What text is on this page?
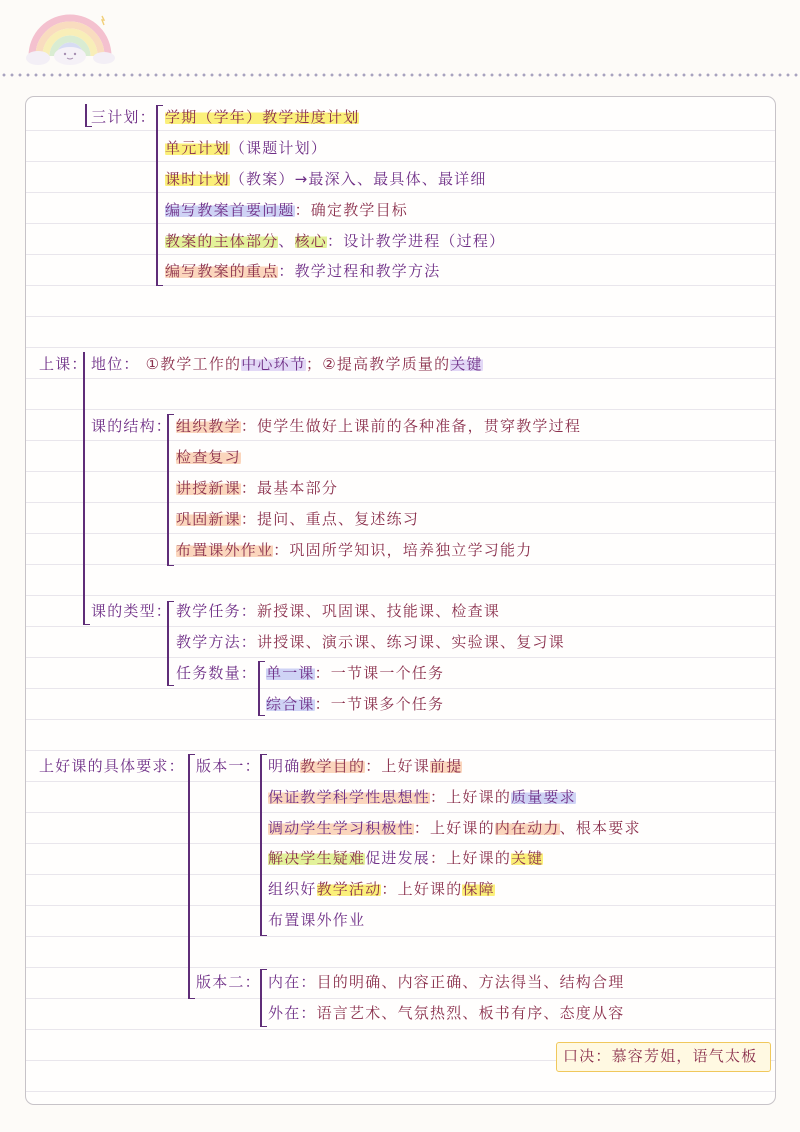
三计划： 学期（学年）教学进度计划
单元计划（课题计划）
课时计划（教案）→最深入、最具体、最详细
编写教案首要问题：确定教学目标
教案的主体部分、核心：设计教学进程（过程）
编写教案的重点：教学过程和教学方法
上课： 地位： ①教学工作的中心环节；②提高教学质量的关键
课的结构： 组织教学：使学生做好上课前的各种准备，贯穿教学过程
检查复习
讲授新课：最基本部分
巩固新课：提问、重点、复述练习
布置课外作业：巩固所学知识，培养独立学习能力
课的类型： 教学任务：新授课、巩固课、技能课、检查课
教学方法：讲授课、演示课、练习课、实验课、复习课
任务数量： 单一课：一节课一个任务
综合课：一节课多个任务
上好课的具体要求： 版本一： 明确教学目的：上好课前提
保证教学科学性思想性：上好课的质量要求
调动学生学习积极性：上好课的内在动力、根本要求
解决学生疑难促进发展：上好课的关键
组织好教学活动：上好课的保障
布置课外作业
版本二： 内在：目的明确、内容正确、方法得当、结构合理
外在：语言艺术、气氛热烈、板书有序、态度从容
口决：慕容芳姐，语气太板
